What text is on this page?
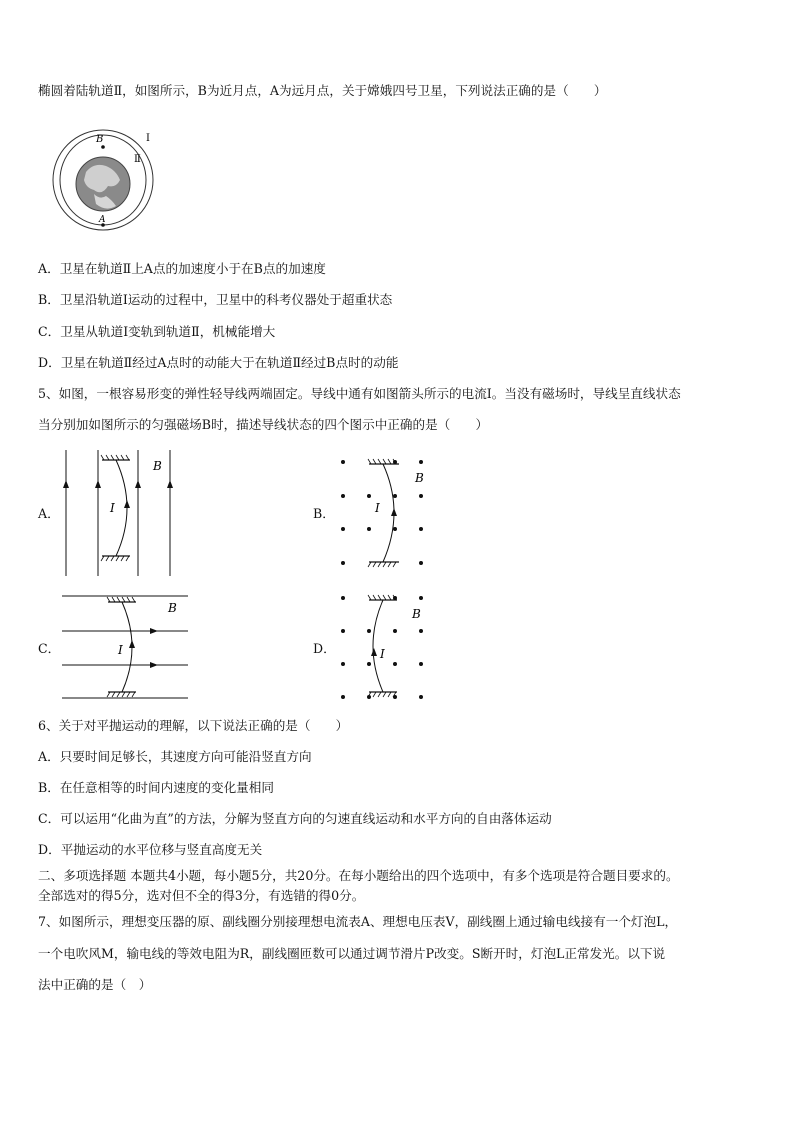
椭圆着陆轨道Ⅱ，如图所示，B为近月点，A为远月点，关于嫦娥四号卫星，下列说法正确的是（　　）
B
A
Ⅰ
Ⅱ
A．卫星在轨道Ⅱ上A点的加速度小于在B点的加速度
B．卫星沿轨道Ⅰ运动的过程中，卫星中的科考仪器处于超重状态
C．卫星从轨道Ⅰ变轨到轨道Ⅱ，机械能增大
D．卫星在轨道Ⅱ经过A点时的动能大于在轨道Ⅱ经过B点时的动能
5、如图，一根容易形变的弹性轻导线两端固定。导线中通有如图箭头所示的电流I。当没有磁场时，导线呈直线状态
当分别加如图所示的匀强磁场B时，描述导线状态的四个图示中正确的是（　　）
A．	B．
C．	D．
I
B
I
B
I
B
I
B
6、关于对平抛运动的理解，以下说法正确的是（　　）
A．只要时间足够长，其速度方向可能沿竖直方向
B．在任意相等的时间内速度的变化量相同
C．可以运用“化曲为直”的方法，分解为竖直方向的匀速直线运动和水平方向的自由落体运动
D．平抛运动的水平位移与竖直高度无关
二、多项选择题 本题共4小题，每小题5分，共20分。在每小题给出的四个选项中，有多个选项是符合题目要求的。
全部选对的得5分，选对但不全的得3分，有选错的得0分。
7、如图所示，理想变压器的原、副线圈分别接理想电流表A、理想电压表V，副线圈上通过输电线接有一个灯泡L，
一个电吹风M，输电线的等效电阻为R，副线圈匝数可以通过调节滑片P改变。S断开时，灯泡L正常发光。以下说
法中正确的是（　）
